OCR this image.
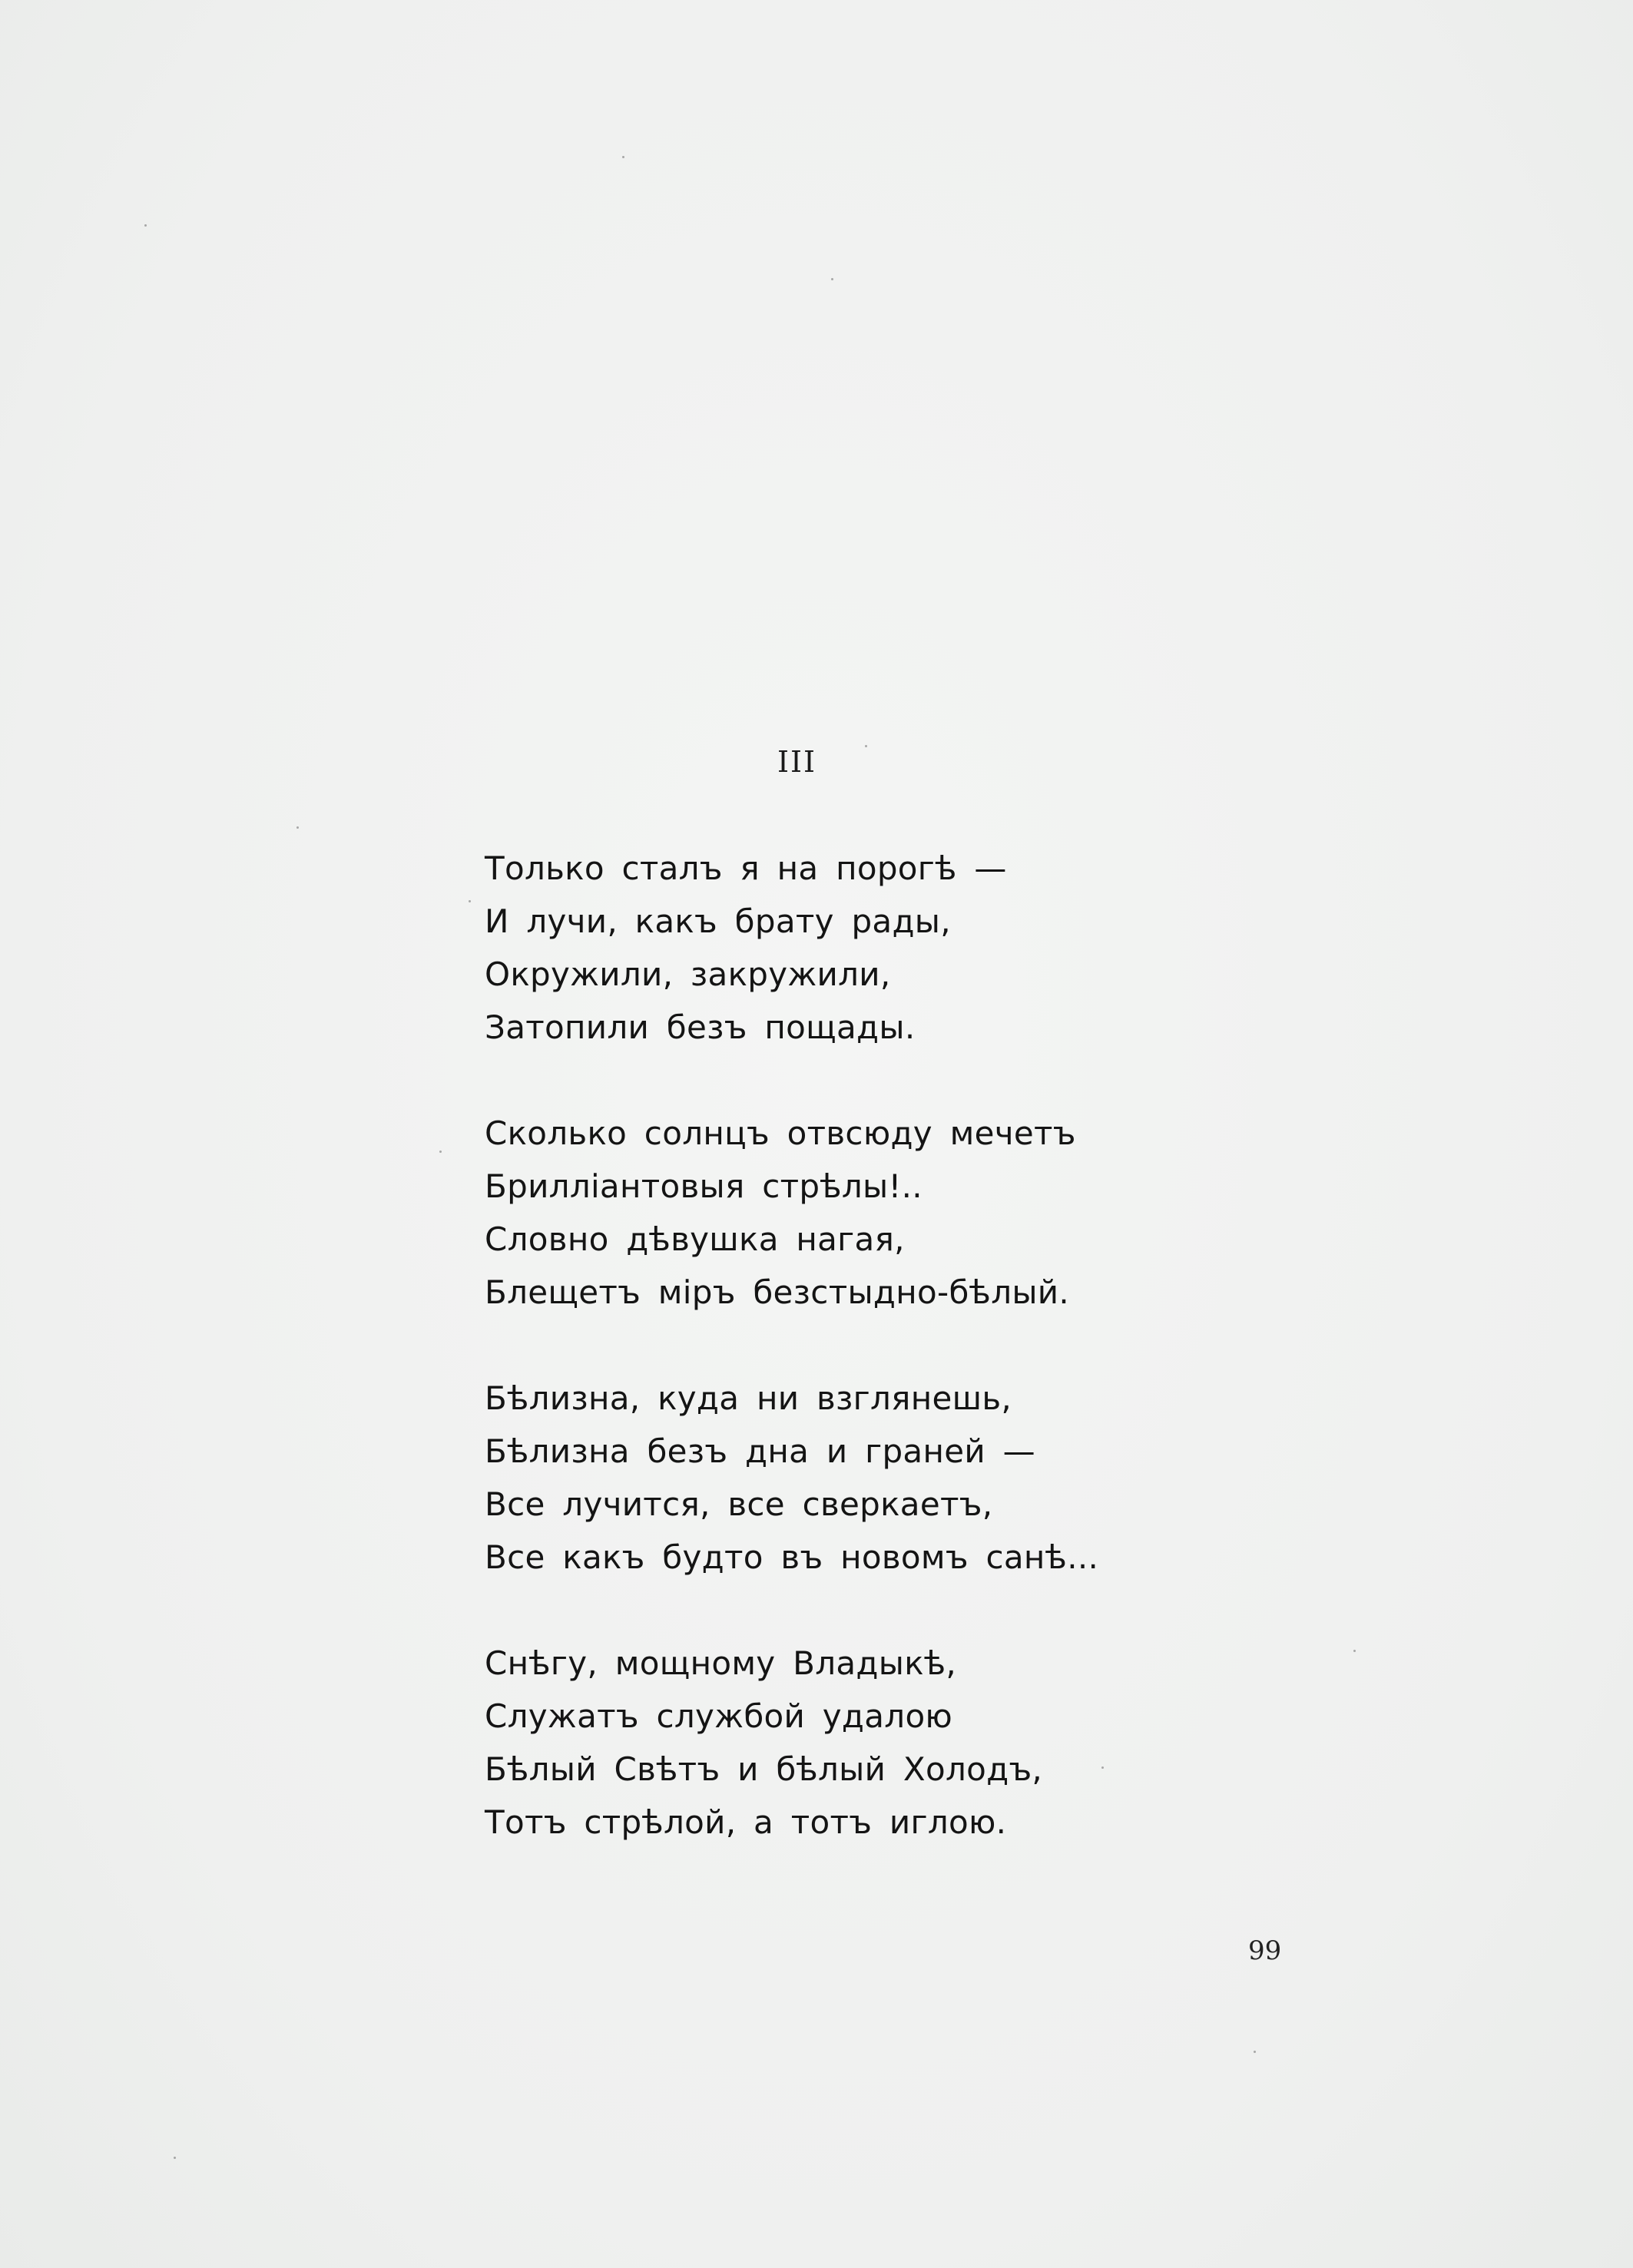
III
Только сталъ я на порогѣ —
И лучи, какъ брату рады,
Окружили, закружили,
Затопили безъ пощады.
Сколько солнцъ отвсюду мечетъ
Брилліантовыя стрѣлы!..
Словно дѣвушка нагая,
Блещетъ міръ безстыдно-бѣлый.
Бѣлизна, куда ни взглянешь,
Бѣлизна безъ дна и граней —
Все лучится, все сверкаетъ,
Все какъ будто въ новомъ санѣ...
Снѣгу, мощному Владыкѣ,
Служатъ службой удалою
Бѣлый Свѣтъ и бѣлый Холодъ,
Тотъ стрѣлой, а тотъ иглою.
99
